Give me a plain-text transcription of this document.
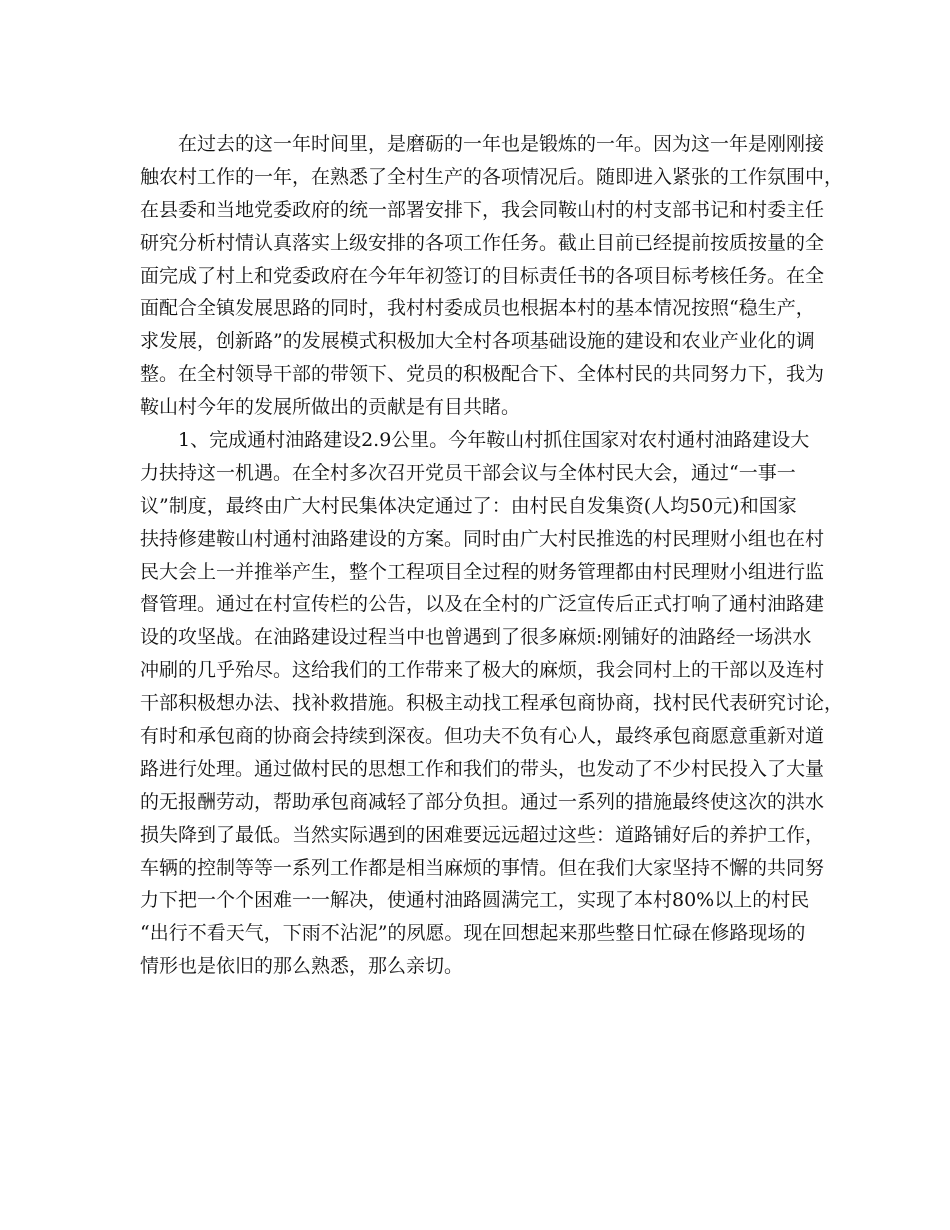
　　在过去的这一年时间里，是磨砺的一年也是锻炼的一年。因为这一年是刚刚接
触农村工作的一年，在熟悉了全村生产的各项情况后。随即进入紧张的工作氛围中，
在县委和当地党委政府的统一部署安排下，我会同鞍山村的村支部书记和村委主任
研究分析村情认真落实上级安排的各项工作任务。截止目前已经提前按质按量的全
面完成了村上和党委政府在今年年初签订的目标责任书的各项目标考核任务。在全
面配合全镇发展思路的同时，我村村委成员也根据本村的基本情况按照“稳生产，
求发展，创新路”的发展模式积极加大全村各项基础设施的建设和农业产业化的调
整。在全村领导干部的带领下、党员的积极配合下、全体村民的共同努力下，我为
鞍山村今年的发展所做出的贡献是有目共睹。
　　1、完成通村油路建设2.9公里。今年鞍山村抓住国家对农村通村油路建设大
力扶持这一机遇。在全村多次召开党员干部会议与全体村民大会，通过“一事一
议”制度，最终由广大村民集体决定通过了：由村民自发集资(人均50元)和国家
扶持修建鞍山村通村油路建设的方案。同时由广大村民推选的村民理财小组也在村
民大会上一并推举产生，整个工程项目全过程的财务管理都由村民理财小组进行监
督管理。通过在村宣传栏的公告，以及在全村的广泛宣传后正式打响了通村油路建
设的攻坚战。在油路建设过程当中也曾遇到了很多麻烦:刚铺好的油路经一场洪水
冲刷的几乎殆尽。这给我们的工作带来了极大的麻烦，我会同村上的干部以及连村
干部积极想办法、找补救措施。积极主动找工程承包商协商，找村民代表研究讨论，
有时和承包商的协商会持续到深夜。但功夫不负有心人，最终承包商愿意重新对道
路进行处理。通过做村民的思想工作和我们的带头，也发动了不少村民投入了大量
的无报酬劳动，帮助承包商减轻了部分负担。通过一系列的措施最终使这次的洪水
损失降到了最低。当然实际遇到的困难要远远超过这些：道路铺好后的养护工作，
车辆的控制等等一系列工作都是相当麻烦的事情。但在我们大家坚持不懈的共同努
力下把一个个困难一一解决，使通村油路圆满完工，实现了本村80%以上的村民
“出行不看天气，下雨不沾泥”的夙愿。现在回想起来那些整日忙碌在修路现场的
情形也是依旧的那么熟悉，那么亲切。
